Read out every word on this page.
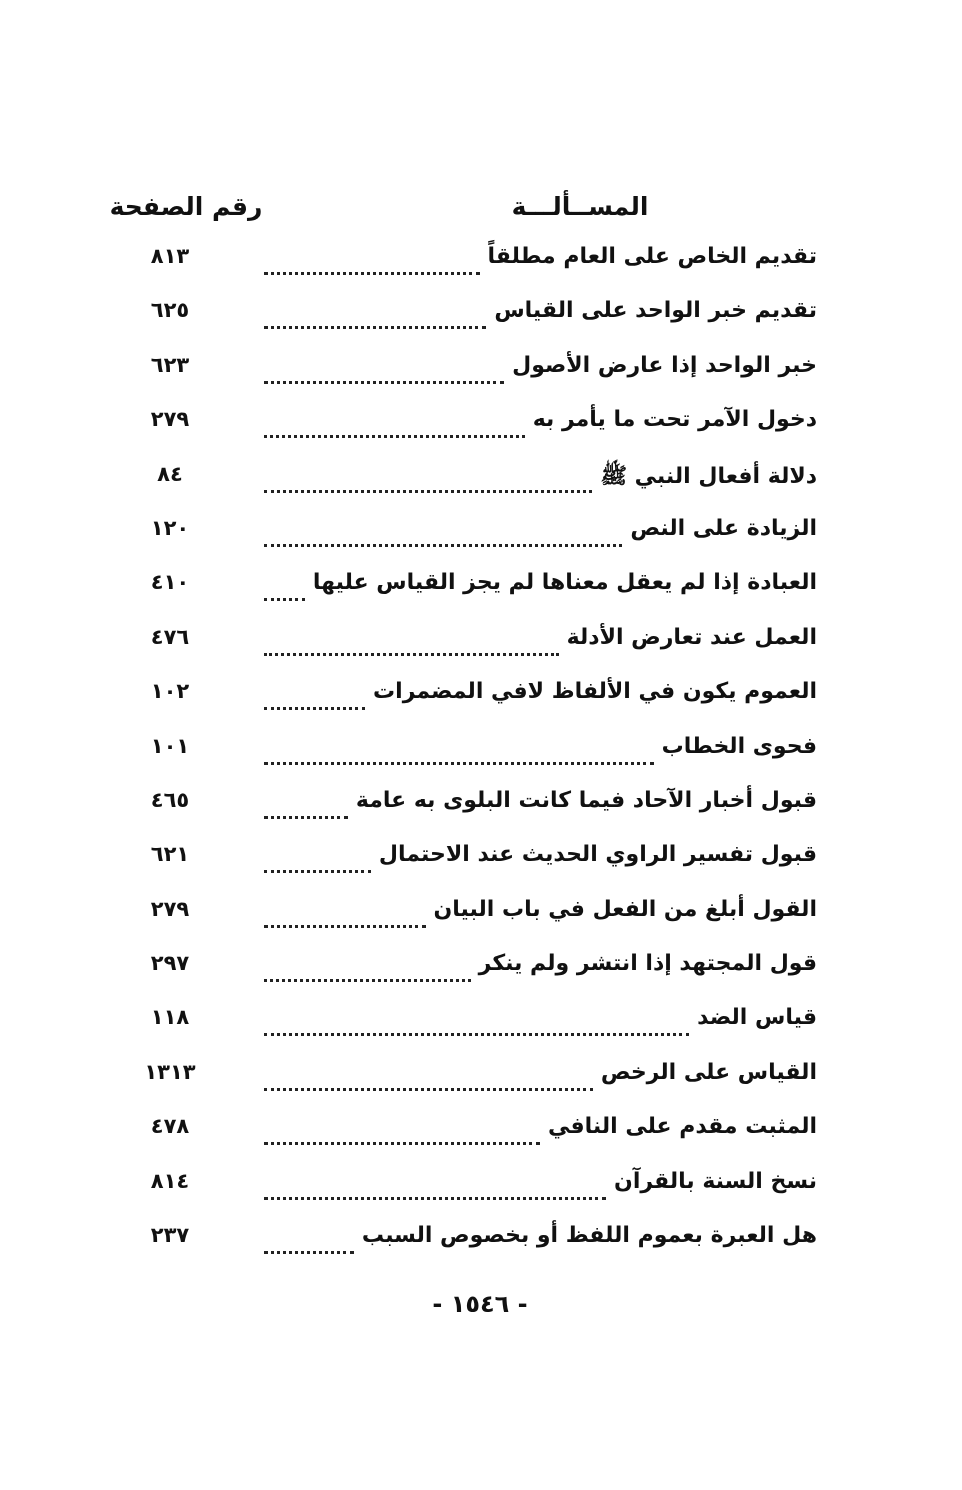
المســألـــة
رقم الصفحة
تقديم الخاص على العام مطلقاً
٨١٣
تقديم خبر الواحد على القياس
٦٢٥
خبر الواحد إذا عارض الأصول
٦٢٣
دخول الآمر تحت ما يأمر به
٢٧٩
دلالة أفعال النبي ﷺ
٨٤
الزيادة على النص
١٢٠
العبادة إذا لم يعقل معناها لم يجز القياس عليها
٤١٠
العمل عند تعارض الأدلة
٤٧٦
العموم يكون في الألفاظ لافي المضمرات
١٠٢
فحوى الخطاب
١٠١
قبول أخبار الآحاد فيما كانت البلوى به عامة
٤٦٥
قبول تفسير الراوي الحديث عند الاحتمال
٦٢١
القول أبلغ من الفعل في باب البيان
٢٧٩
قول المجتهد إذا انتشر ولم ينكر
٢٩٧
قياس الضد
١١٨
القياس على الرخص
١٣١٣
المثبت مقدم على النافي
٤٧٨
نسخ السنة بالقرآن
٨١٤
هل العبرة بعموم اللفظ أو بخصوص السبب
٢٣٧
- ١٥٤٦ -
